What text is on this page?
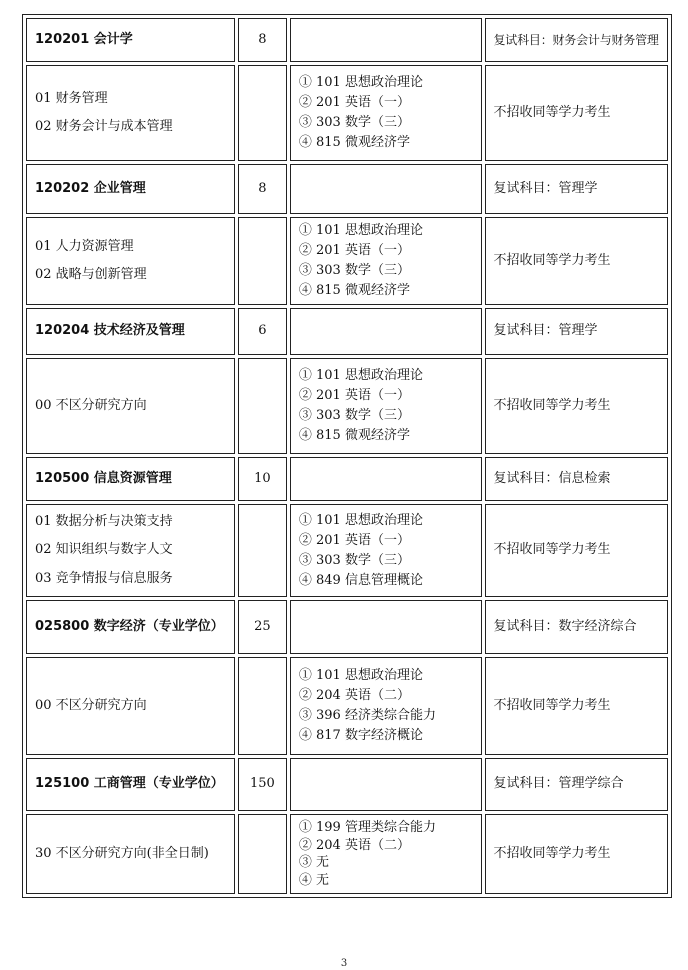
120201 会计学	8		复试科目：财务会计与财务管理

01 财务管理
02 财务会计与成本管理		① 101 思想政治理论
② 201 英语（一）
③ 303 数学（三）
④ 815 微观经济学	不招收同等学力考生
120202 企业管理	8		复试科目：管理学

01 人力资源管理
02 战略与创新管理		① 101 思想政治理论
② 201 英语（一）
③ 303 数学（三）
④ 815 微观经济学	不招收同等学力考生
120204 技术经济及管理	6		复试科目：管理学

00 不区分研究方向		① 101 思想政治理论
② 201 英语（一）
③ 303 数学（三）
④ 815 微观经济学	不招收同等学力考生
120500 信息资源管理	10		复试科目：信息检索

01 数据分析与决策支持
02 知识组织与数字人文
03 竞争情报与信息服务		① 101 思想政治理论
② 201 英语（一）
③ 303 数学（三）
④ 849 信息管理概论	不招收同等学力考生
025800 数字经济（专业学位）	25		复试科目：数字经济综合

00 不区分研究方向		① 101 思想政治理论
② 204 英语（二）
③ 396 经济类综合能力
④ 817 数字经济概论	不招收同等学力考生
125100 工商管理（专业学位）	150		复试科目：管理学综合

30 不区分研究方向(非全日制)		① 199 管理类综合能力
② 204 英语（二）
③ 无
④ 无	不招收同等学力考生
3
